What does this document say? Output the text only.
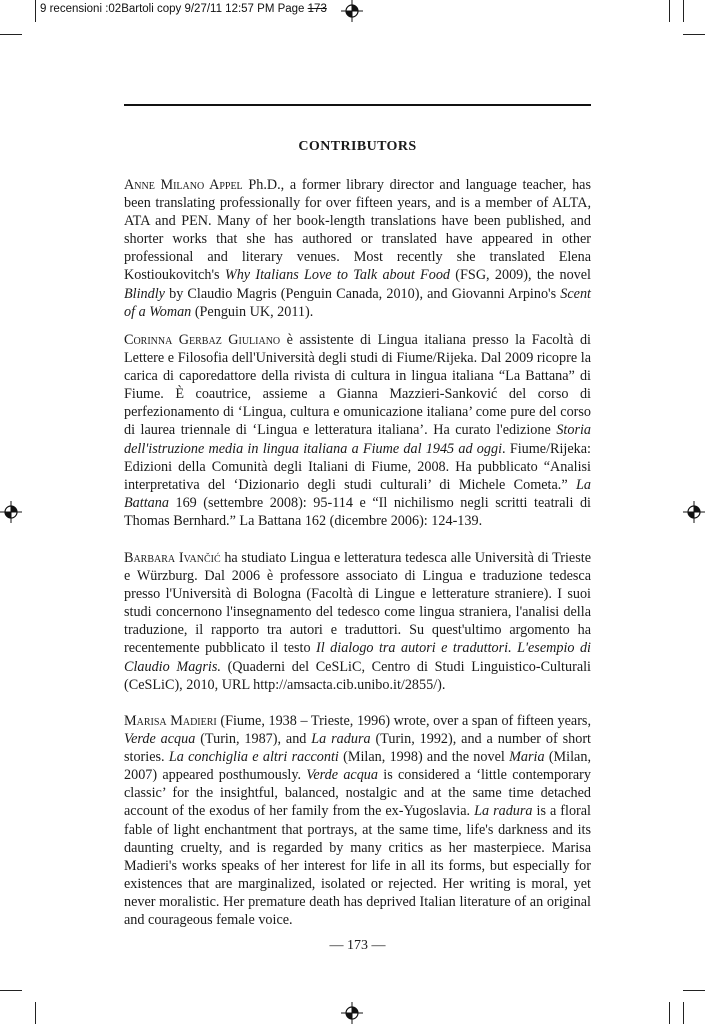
9 recensioni :02Bartoli copy 9/27/11 12:57 PM Page 173
CONTRIBUTORS
Anne Milano Appel Ph.D., a former library director and language teacher, has been translating professionally for over fifteen years, and is a member of ALTA, ATA and PEN. Many of her book-length translations have been published, and shorter works that she has authored or translated have appeared in other professional and literary venues. Most recently she translated Elena Kostioukovitch's Why Italians Love to Talk about Food (FSG, 2009), the novel Blindly by Claudio Magris (Penguin Canada, 2010), and Giovanni Arpino's Scent of a Woman (Penguin UK, 2011).
Corinna Gerbaz Giuliano è assistente di Lingua italiana presso la Facoltà di Lettere e Filosofia dell'Università degli studi di Fiume/Rijeka. Dal 2009 ricopre la carica di caporedattore della rivista di cultura in lingua italiana “La Battana” di Fiume. È coautrice, assieme a Gianna Mazzieri-Sanković del corso di perfezionamento di ‘Lingua, cultura e omunicazione italiana’ come pure del corso di laurea triennale di ‘Lingua e letteratura italiana’. Ha curato l'edizione Storia dell'istruzione media in lingua italiana a Fiume dal 1945 ad oggi. Fiume/Rijeka: Edizioni della Comunità degli Italiani di Fiume, 2008. Ha pubblicato “Analisi interpretativa del ‘Dizionario degli studi culturali’ di Michele Cometa.” La Battana 169 (settembre 2008): 95-114 e “Il nichilismo negli scritti teatrali di Thomas Bernhard.” La Battana 162 (dicembre 2006): 124-139.
Barbara Ivančić ha studiato Lingua e letteratura tedesca alle Università di Trieste e Würzburg. Dal 2006 è professore associato di Lingua e traduzione tedesca presso l'Università di Bologna (Facoltà di Lingue e letterature straniere). I suoi studi concernono l'insegnamento del tedesco come lingua straniera, l'analisi della traduzione, il rapporto tra autori e traduttori. Su quest'ultimo argomento ha recentemente pubblicato il testo Il dialogo tra autori e traduttori. L'esempio di Claudio Magris. (Quaderni del CeSLiC, Centro di Studi Linguistico-Culturali (CeSLiC), 2010, URL http://amsacta.cib.unibo.it/2855/).
Marisa Madieri (Fiume, 1938 – Trieste, 1996) wrote, over a span of fifteen years, Verde acqua (Turin, 1987), and La radura (Turin, 1992), and a number of short stories. La conchiglia e altri racconti (Milan, 1998) and the novel Maria (Milan, 2007) appeared posthumously. Verde acqua is considered a ‘little contemporary classic’ for the insightful, balanced, nostalgic and at the same time detached account of the exodus of her family from the ex-Yugoslavia. La radura is a floral fable of light enchantment that portrays, at the same time, life's darkness and its daunting cruelty, and is regarded by many critics as her masterpiece. Marisa Madieri's works speaks of her interest for life in all its forms, but especially for existences that are marginalized, isolated or rejected. Her writing is moral, yet never moralistic. Her premature death has deprived Italian literature of an original and courageous female voice.
— 173 —
